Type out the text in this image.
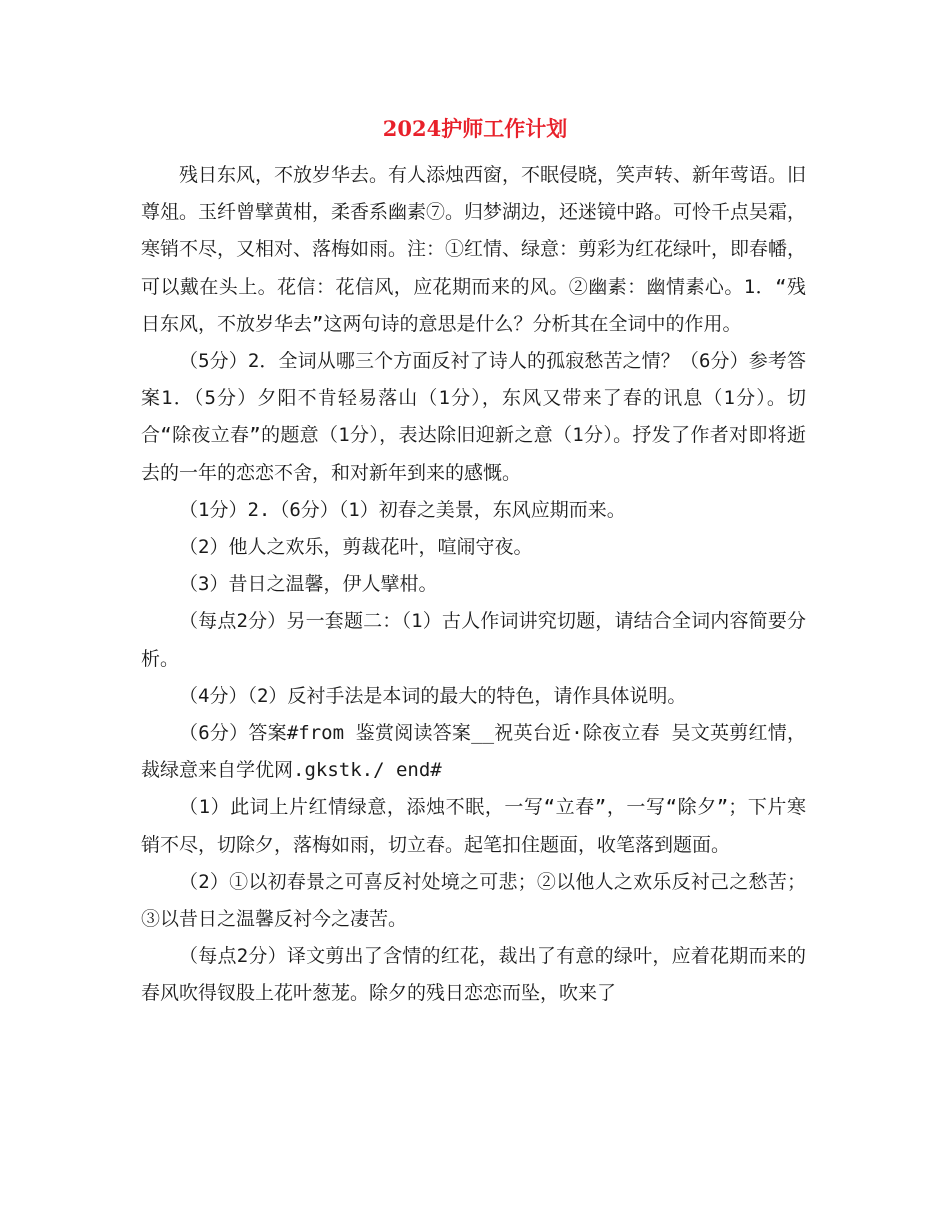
2024护师工作计划

残日东风，不放岁华去。有人添烛西窗，不眠侵晓，笑声转、新年莺语。旧尊俎。玉纤曾擘黄柑，柔香系幽素⑦。归梦湖边，还迷镜中路。可怜千点吴霜，寒销不尽，又相对、落梅如雨。注：①红情、绿意：剪彩为红花绿叶，即春幡，可以戴在头上。花信：花信风，应花期而来的风。②幽素：幽情素心。1．“残日东风，不放岁华去”这两句诗的意思是什么？分析其在全词中的作用。

（5分）2．全词从哪三个方面反衬了诗人的孤寂愁苦之情？（6分）参考答案1．（5分）夕阳不肯轻易落山（1分），东风又带来了春的讯息（1分）。切合“除夜立春”的题意（1分），表达除旧迎新之意（1分）。抒发了作者对即将逝去的一年的恋恋不舍，和对新年到来的感慨。

（1分）2.（6分）（1）初春之美景，东风应期而来。

（2）他人之欢乐，剪裁花叶，喧闹守夜。

（3）昔日之温馨，伊人擘柑。

（每点2分）另一套题二：（1）古人作词讲究切题，请结合全词内容简要分析。

（4分）（2）反衬手法是本词的最大的特色，请作具体说明。

（6分）答案#from 鉴赏阅读答案__祝英台近·除夜立春 吴文英剪红情，裁绿意来自学优网.gkstk./ end#

（1）此词上片红情绿意，添烛不眠，一写“立春”，一写“除夕”；下片寒销不尽，切除夕，落梅如雨，切立春。起笔扣住题面，收笔落到题面。

（2）①以初春景之可喜反衬处境之可悲；②以他人之欢乐反衬己之愁苦；③以昔日之温馨反衬今之凄苦。

（每点2分）译文剪出了含情的红花，裁出了有意的绿叶，应着花期而来的春风吹得钗股上花叶葱茏。除夕的残日恋恋而坠，吹来了
